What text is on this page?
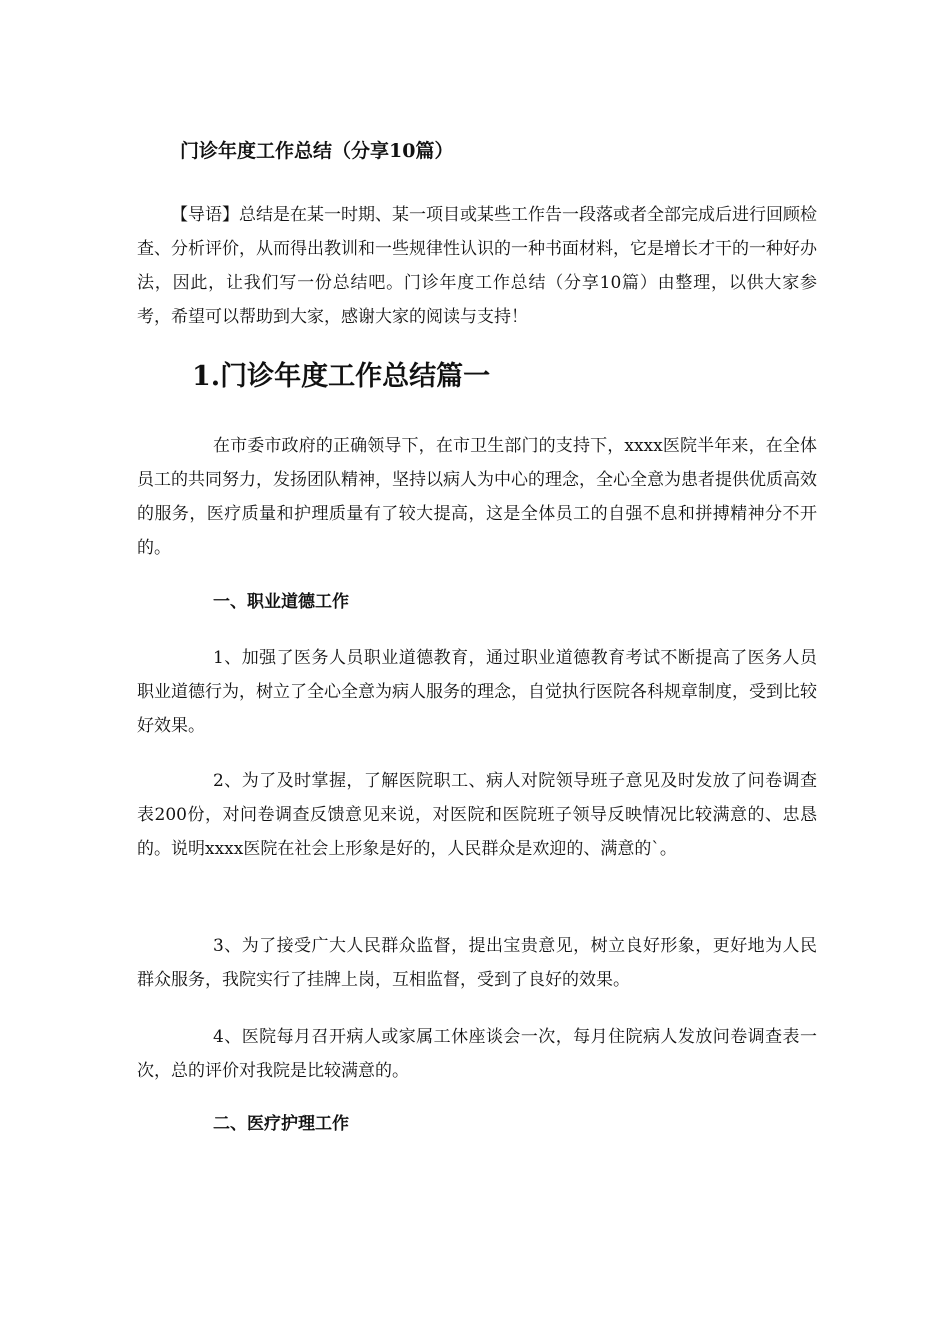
门诊年度工作总结（分享10篇）

【导语】总结是在某一时期、某一项目或某些工作告一段落或者全部完成后进行回顾检查、分析评价，从而得出教训和一些规律性认识的一种书面材料，它是增长才干的一种好办法，因此，让我们写一份总结吧。门诊年度工作总结（分享10篇）由整理，以供大家参考，希望可以帮助到大家，感谢大家的阅读与支持！

1.门诊年度工作总结篇一

在市委市政府的正确领导下，在市卫生部门的支持下，xxxx医院半年来，在全体员工的共同努力，发扬团队精神，坚持以病人为中心的理念，全心全意为患者提供优质高效的服务，医疗质量和护理质量有了较大提高，这是全体员工的自强不息和拼搏精神分不开的。

一、职业道德工作

1、加强了医务人员职业道德教育，通过职业道德教育考试不断提高了医务人员职业道德行为，树立了全心全意为病人服务的理念，自觉执行医院各科规章制度，受到比较好效果。

2、为了及时掌握，了解医院职工、病人对院领导班子意见及时发放了问卷调查表200份，对问卷调查反馈意见来说，对医院和医院班子领导反映情况比较满意的、忠恳的。说明xxxx医院在社会上形象是好的，人民群众是欢迎的、满意的`。

3、为了接受广大人民群众监督，提出宝贵意见，树立良好形象，更好地为人民群众服务，我院实行了挂牌上岗，互相监督，受到了良好的效果。

4、医院每月召开病人或家属工休座谈会一次，每月住院病人发放问卷调查表一次，总的评价对我院是比较满意的。

二、医疗护理工作
